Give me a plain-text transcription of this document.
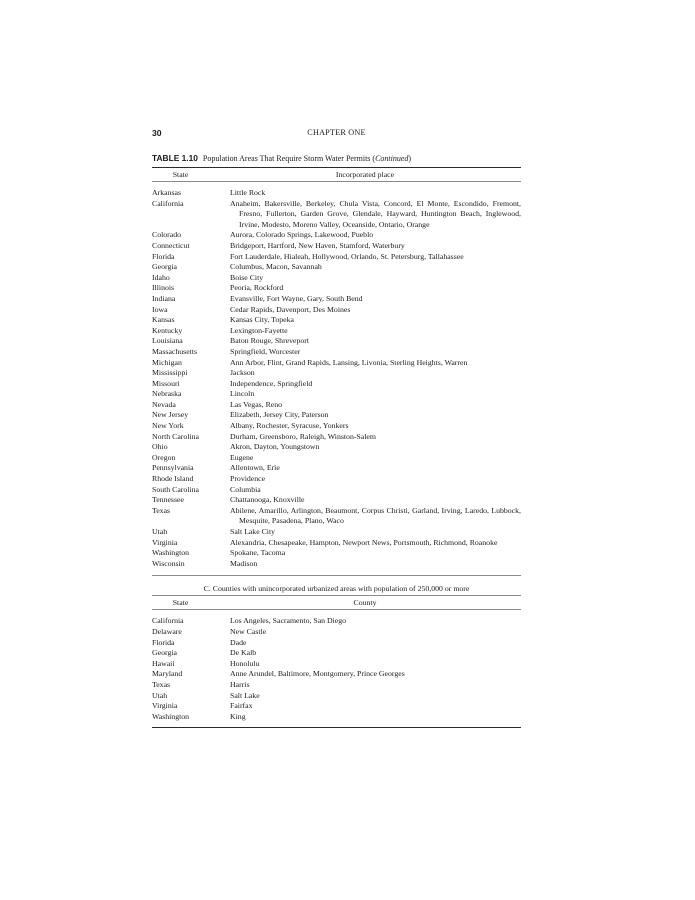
30	CHAPTER ONE
TABLE 1.10 Population Areas That Require Storm Water Permits (Continued)
State	Incorporated place
Arkansas	Little Rock
California	Anaheim, Bakersville, Berkeley, Chula Vista, Concord, El Monte, Escondido, Fremont, Fresno, Fullerton, Garden Grove, Glendale, Hayward, Huntington Beach, Inglewood, Irvine, Modesto, Moreno Valley, Oceanside, Ontario, Orange
Colorado	Aurora, Colorado Springs, Lakewood, Pueblo
Connecticut	Bridgeport, Hartford, New Haven, Stamford, Waterbury
Florida	Fort Lauderdale, Hialeah, Hollywood, Orlando, St. Petersburg, Tallahassee
Georgia	Columbus, Macon, Savannah
Idaho	Boise City
Illinois	Peoria, Rockford
Indiana	Evansville, Fort Wayne, Gary, South Bend
Iowa	Cedar Rapids, Davenport, Des Moines
Kansas	Kansas City, Topeka
Kentucky	Lexington-Fayette
Louisiana	Baton Rouge, Shreveport
Massachusetts	Springfield, Worcester
Michigan	Ann Arbor, Flint, Grand Rapids, Lansing, Livonia, Sterling Heights, Warren
Mississippi	Jackson
Missouri	Independence, Springfield
Nebraska	Lincoln
Nevada	Las Vegas, Reno
New Jersey	Elizabeth, Jersey City, Paterson
New York	Albany, Rochester, Syracuse, Yonkers
North Carolina	Durham, Greensboro, Raleigh, Winston-Salem
Ohio	Akron, Dayton, Youngstown
Oregon	Eugene
Pennsylvania	Allentown, Erie
Rhode Island	Providence
South Carolina	Columbia
Tennessee	Chattanooga, Knoxville
Texas	Abilene, Amarillo, Arlington, Beaumont, Corpus Christi, Garland, Irving, Laredo, Lubbock, Mesquite, Pasadena, Plano, Waco
Utah	Salt Lake City
Virginia	Alexandria, Chesapeake, Hampton, Newport News, Portsmouth, Richmond, Roanoke
Washington	Spokane, Tacoma
Wisconsin	Madison
C. Counties with unincorporated urbanized areas with population of 250,000 or more
State	County
California	Los Angeles, Sacramento, San Diego
Delaware	New Castle
Florida	Dade
Georgia	De Kalb
Hawaii	Honolulu
Maryland	Anne Arundel, Baltimore, Montgomery, Prince Georges
Texas	Harris
Utah	Salt Lake
Virginia	Fairfax
Washington	King
